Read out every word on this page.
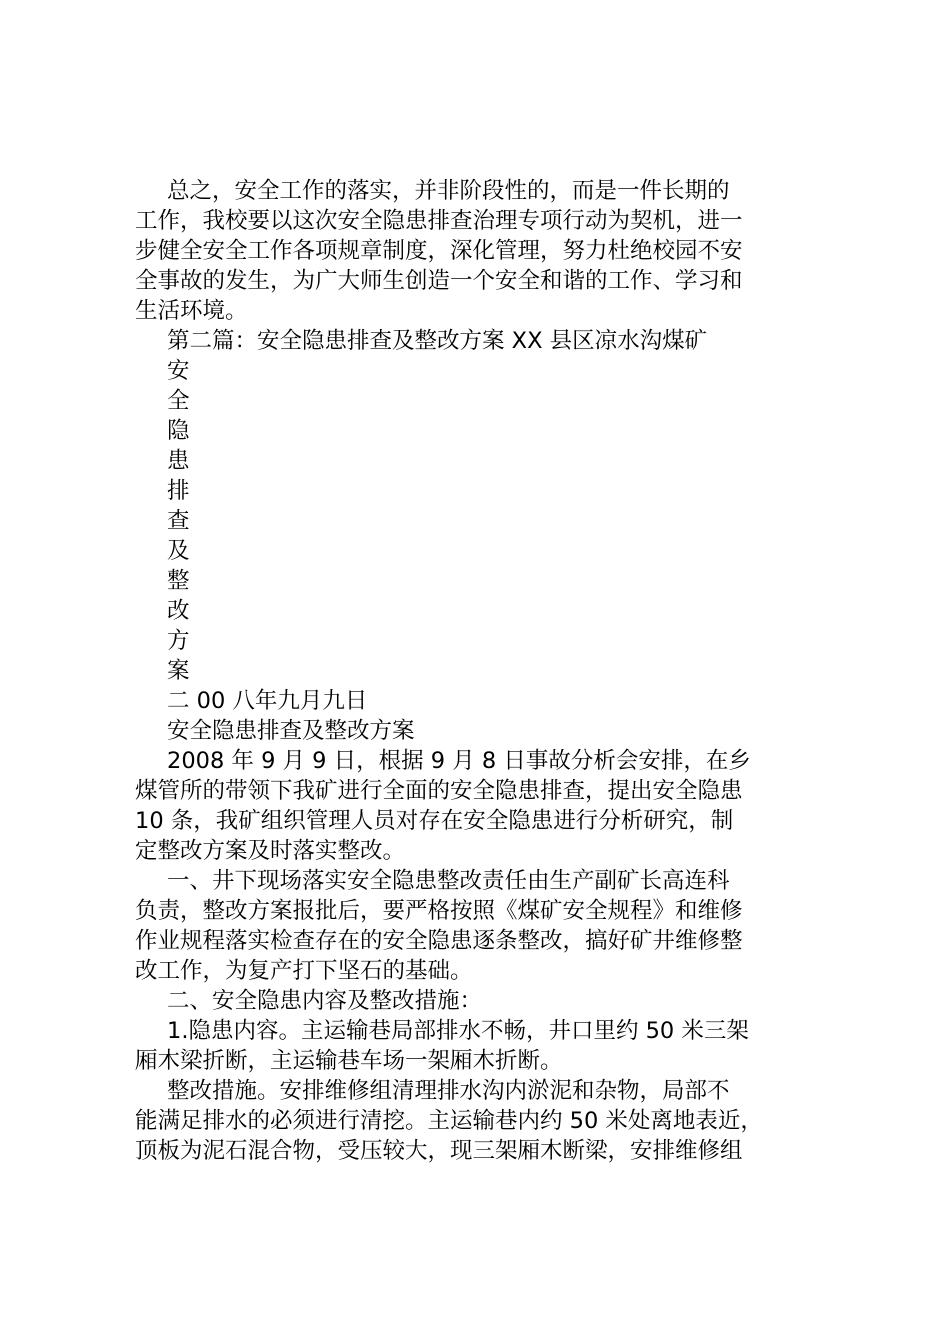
总之，安全工作的落实，并非阶段性的，而是一件长期的
工作，我校要以这次安全隐患排查治理专项行动为契机，进一
步健全安全工作各项规章制度，深化管理，努力杜绝校园不安
全事故的发生，为广大师生创造一个安全和谐的工作、学习和
生活环境。
第二篇：安全隐患排查及整改方案 XX 县区凉水沟煤矿
安
全
隐
患
排
查
及
整
改
方
案
二 00 八年九月九日
安全隐患排查及整改方案
2008 年 9 月 9 日，根据 9 月 8 日事故分析会安排，在乡
煤管所的带领下我矿进行全面的安全隐患排查，提出安全隐患
10 条，我矿组织管理人员对存在安全隐患进行分析研究，制
定整改方案及时落实整改。
一、井下现场落实安全隐患整改责任由生产副矿长高连科
负责，整改方案报批后，要严格按照《煤矿安全规程》和维修
作业规程落实检查存在的安全隐患逐条整改，搞好矿井维修整
改工作，为复产打下坚石的基础。
二、安全隐患内容及整改措施：
1.隐患内容。主运输巷局部排水不畅，井口里约 50 米三架
厢木梁折断，主运输巷车场一架厢木折断。
整改措施。安排维修组清理排水沟内淤泥和杂物，局部不
能满足排水的必须进行清挖。主运输巷内约 50 米处离地表近，
顶板为泥石混合物，受压较大，现三架厢木断梁，安排维修组
